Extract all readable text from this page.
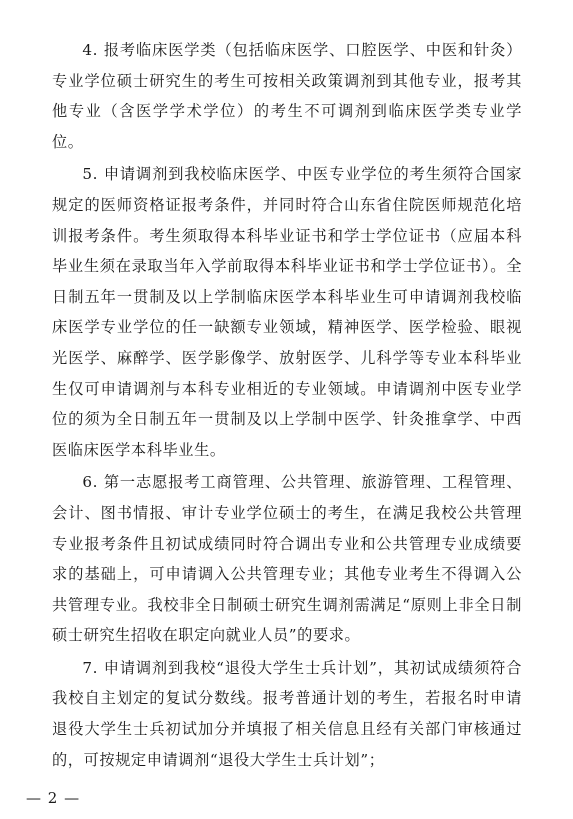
4. 报考临床医学类（包括临床医学、口腔医学、中医和针灸）专业学位硕士研究生的考生可按相关政策调剂到其他专业，报考其他专业（含医学学术学位）的考生不可调剂到临床医学类专业学位。

5. 申请调剂到我校临床医学、中医专业学位的考生须符合国家规定的医师资格证报考条件，并同时符合山东省住院医师规范化培训报考条件。考生须取得本科毕业证书和学士学位证书（应届本科毕业生须在录取当年入学前取得本科毕业证书和学士学位证书）。全日制五年一贯制及以上学制临床医学本科毕业生可申请调剂我校临床医学专业学位的任一缺额专业领域，精神医学、医学检验、眼视光医学、麻醉学、医学影像学、放射医学、儿科学等专业本科毕业生仅可申请调剂与本科专业相近的专业领域。申请调剂中医专业学位的须为全日制五年一贯制及以上学制中医学、针灸推拿学、中西医临床医学本科毕业生。

6. 第一志愿报考工商管理、公共管理、旅游管理、工程管理、会计、图书情报、审计专业学位硕士的考生，在满足我校公共管理专业报考条件且初试成绩同时符合调出专业和公共管理专业成绩要求的基础上，可申请调入公共管理专业；其他专业考生不得调入公共管理专业。我校非全日制硕士研究生调剂需满足“原则上非全日制硕士研究生招收在职定向就业人员”的要求。

7. 申请调剂到我校“退役大学生士兵计划”，其初试成绩须符合我校自主划定的复试分数线。报考普通计划的考生，若报名时申请退役大学生士兵初试加分并填报了相关信息且经有关部门审核通过的，可按规定申请调剂“退役大学生士兵计划”；

— 2 —
